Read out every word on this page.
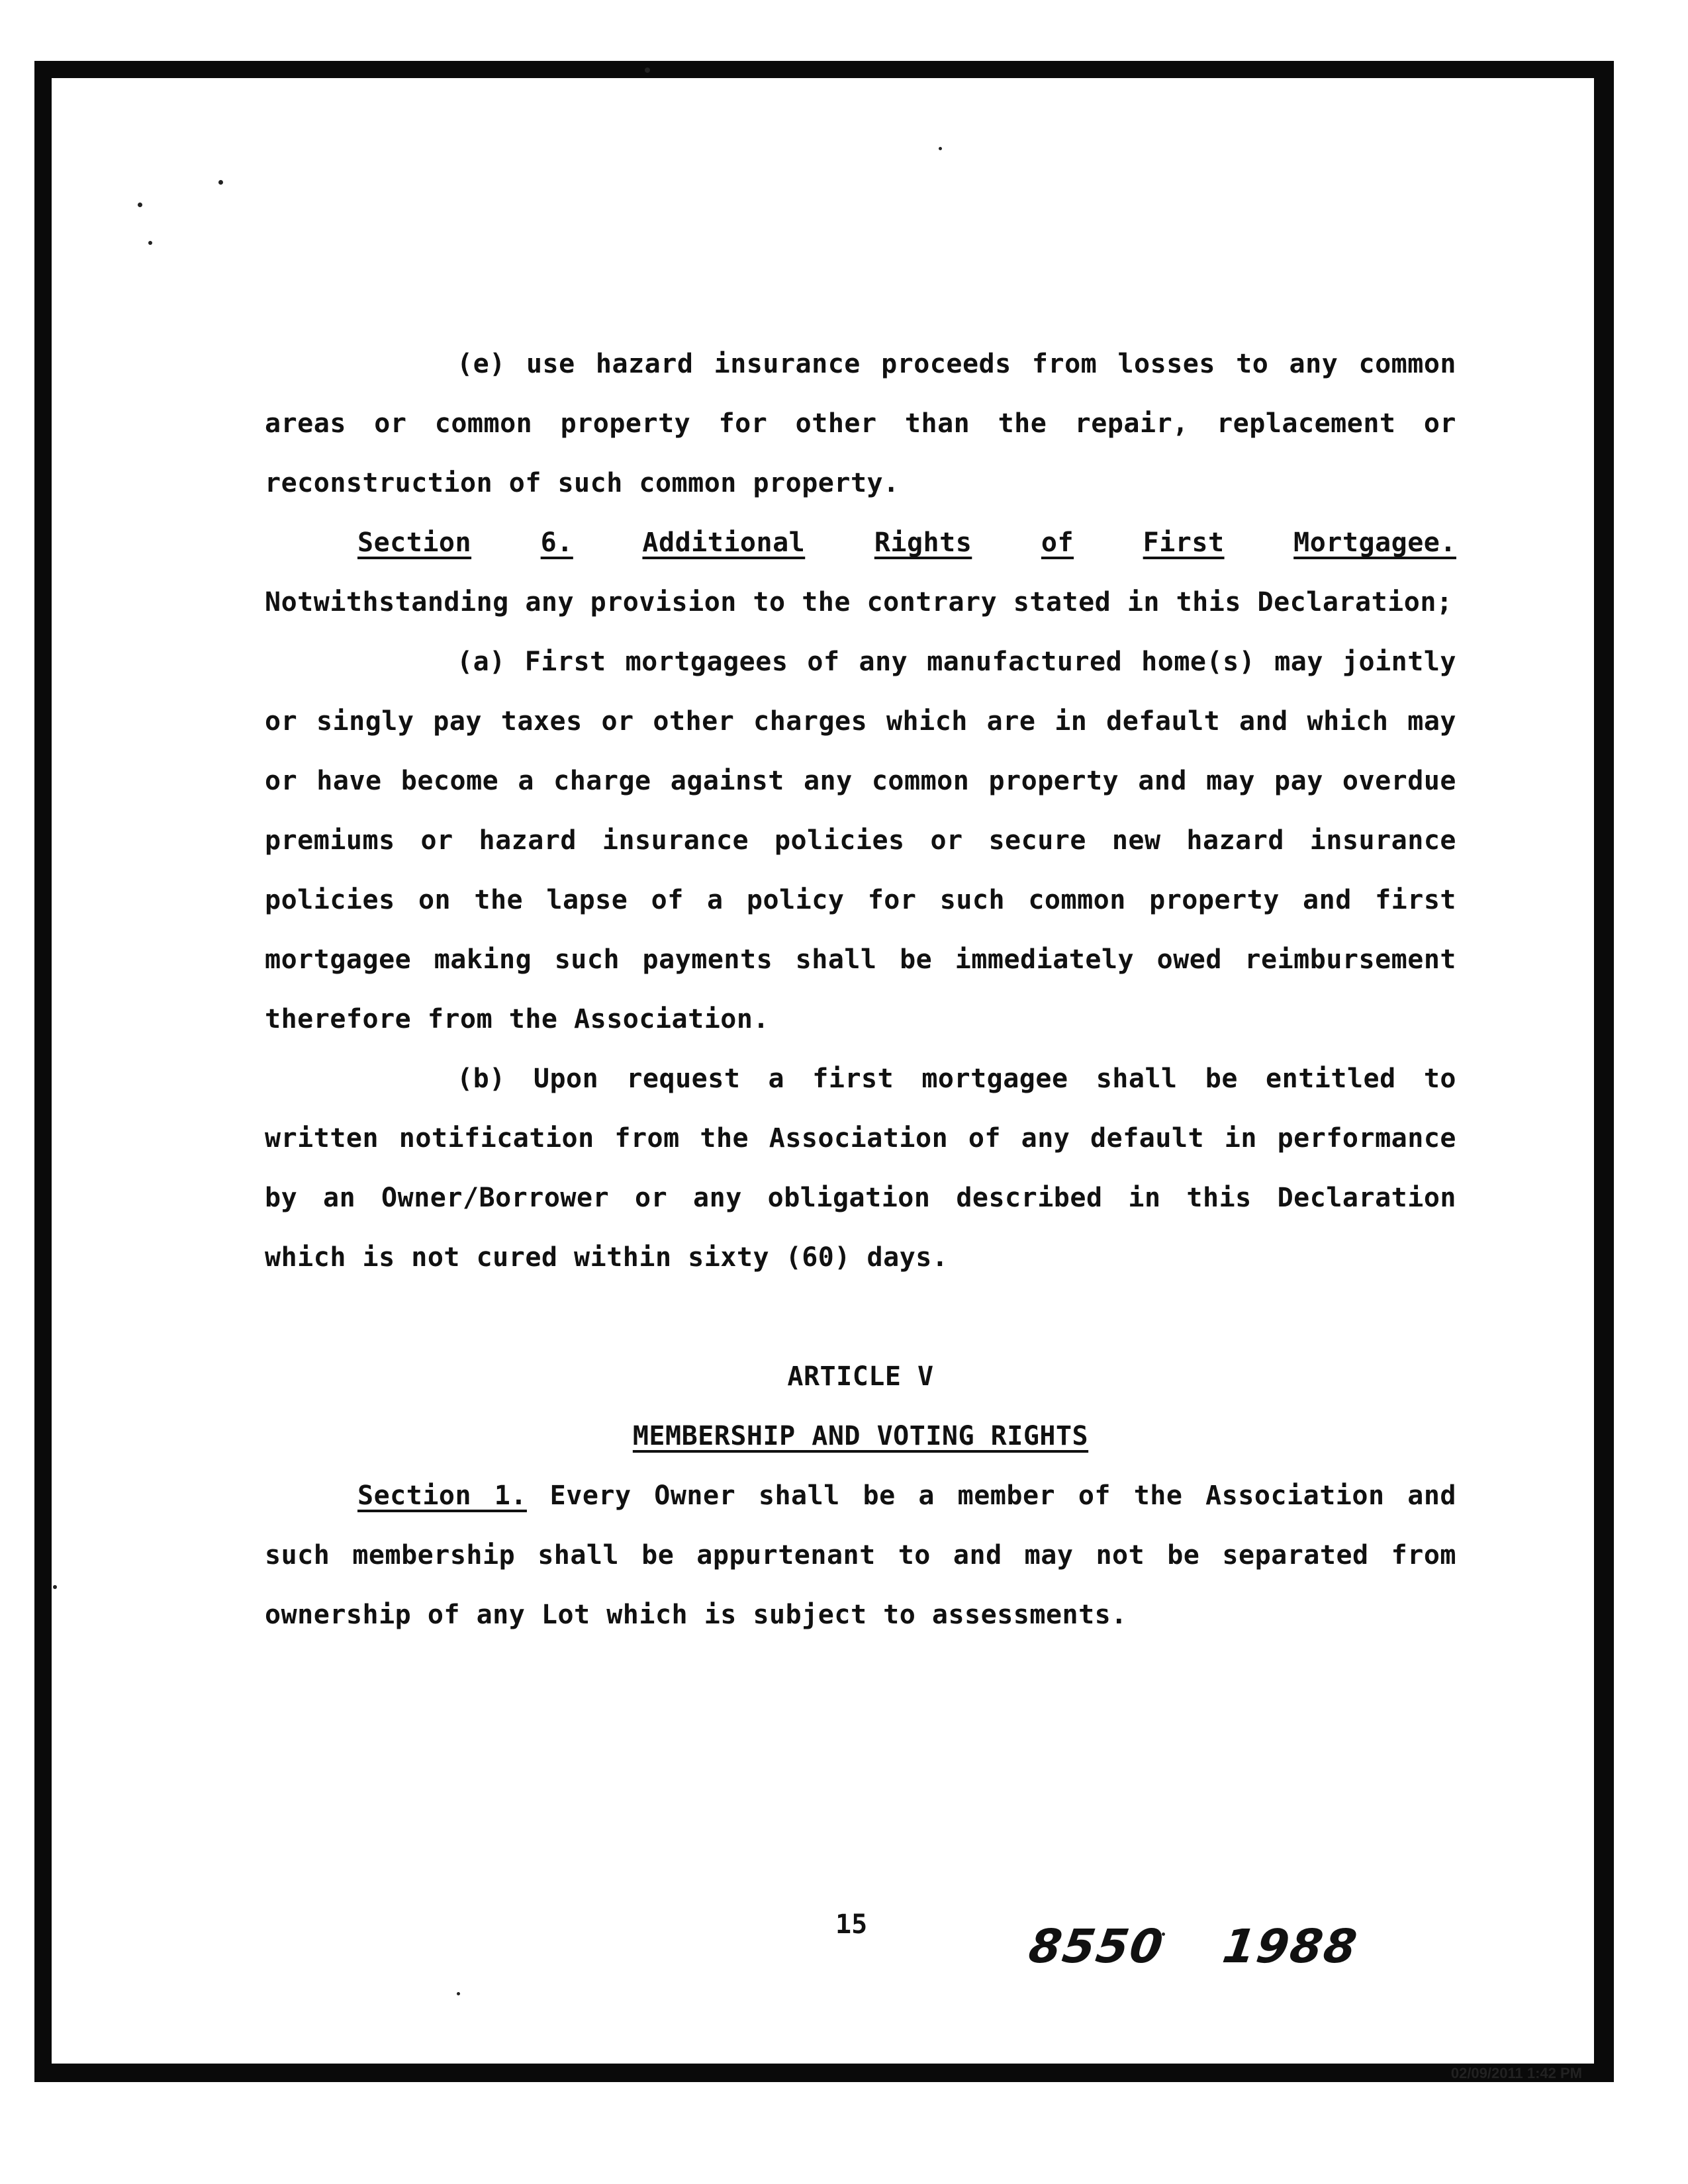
(e) use hazard insurance proceeds from losses to any common areas or common property for other than the repair, replacement or reconstruction of such common property.

Section	6.	Additional	Rights	of	First	Mortgagee.

Notwithstanding any provision to the contrary stated in this Declaration;

(a) First mortgagees of any manufactured home(s) may jointly or singly pay taxes or other charges which are in default and which may or have become a charge against any common property and may pay overdue premiums or hazard insurance policies or secure new hazard insurance policies on the lapse of a policy for such common property and first mortgagee making such payments shall be immediately owed reimbursement therefore from the Association.

(b) Upon request a first mortgagee shall be entitled to written notification from the Association of any default in performance by an Owner/Borrower or any obligation described in this Declaration which is not cured within sixty (60) days.

ARTICLE V

MEMBERSHIP AND VOTING RIGHTS

Section 1. Every Owner shall be a member of the Association and such membership shall be appurtenant to and may not be separated from ownership of any Lot which is subject to assessments.

15	8550 1988
02/09/2011 1:42 PM
